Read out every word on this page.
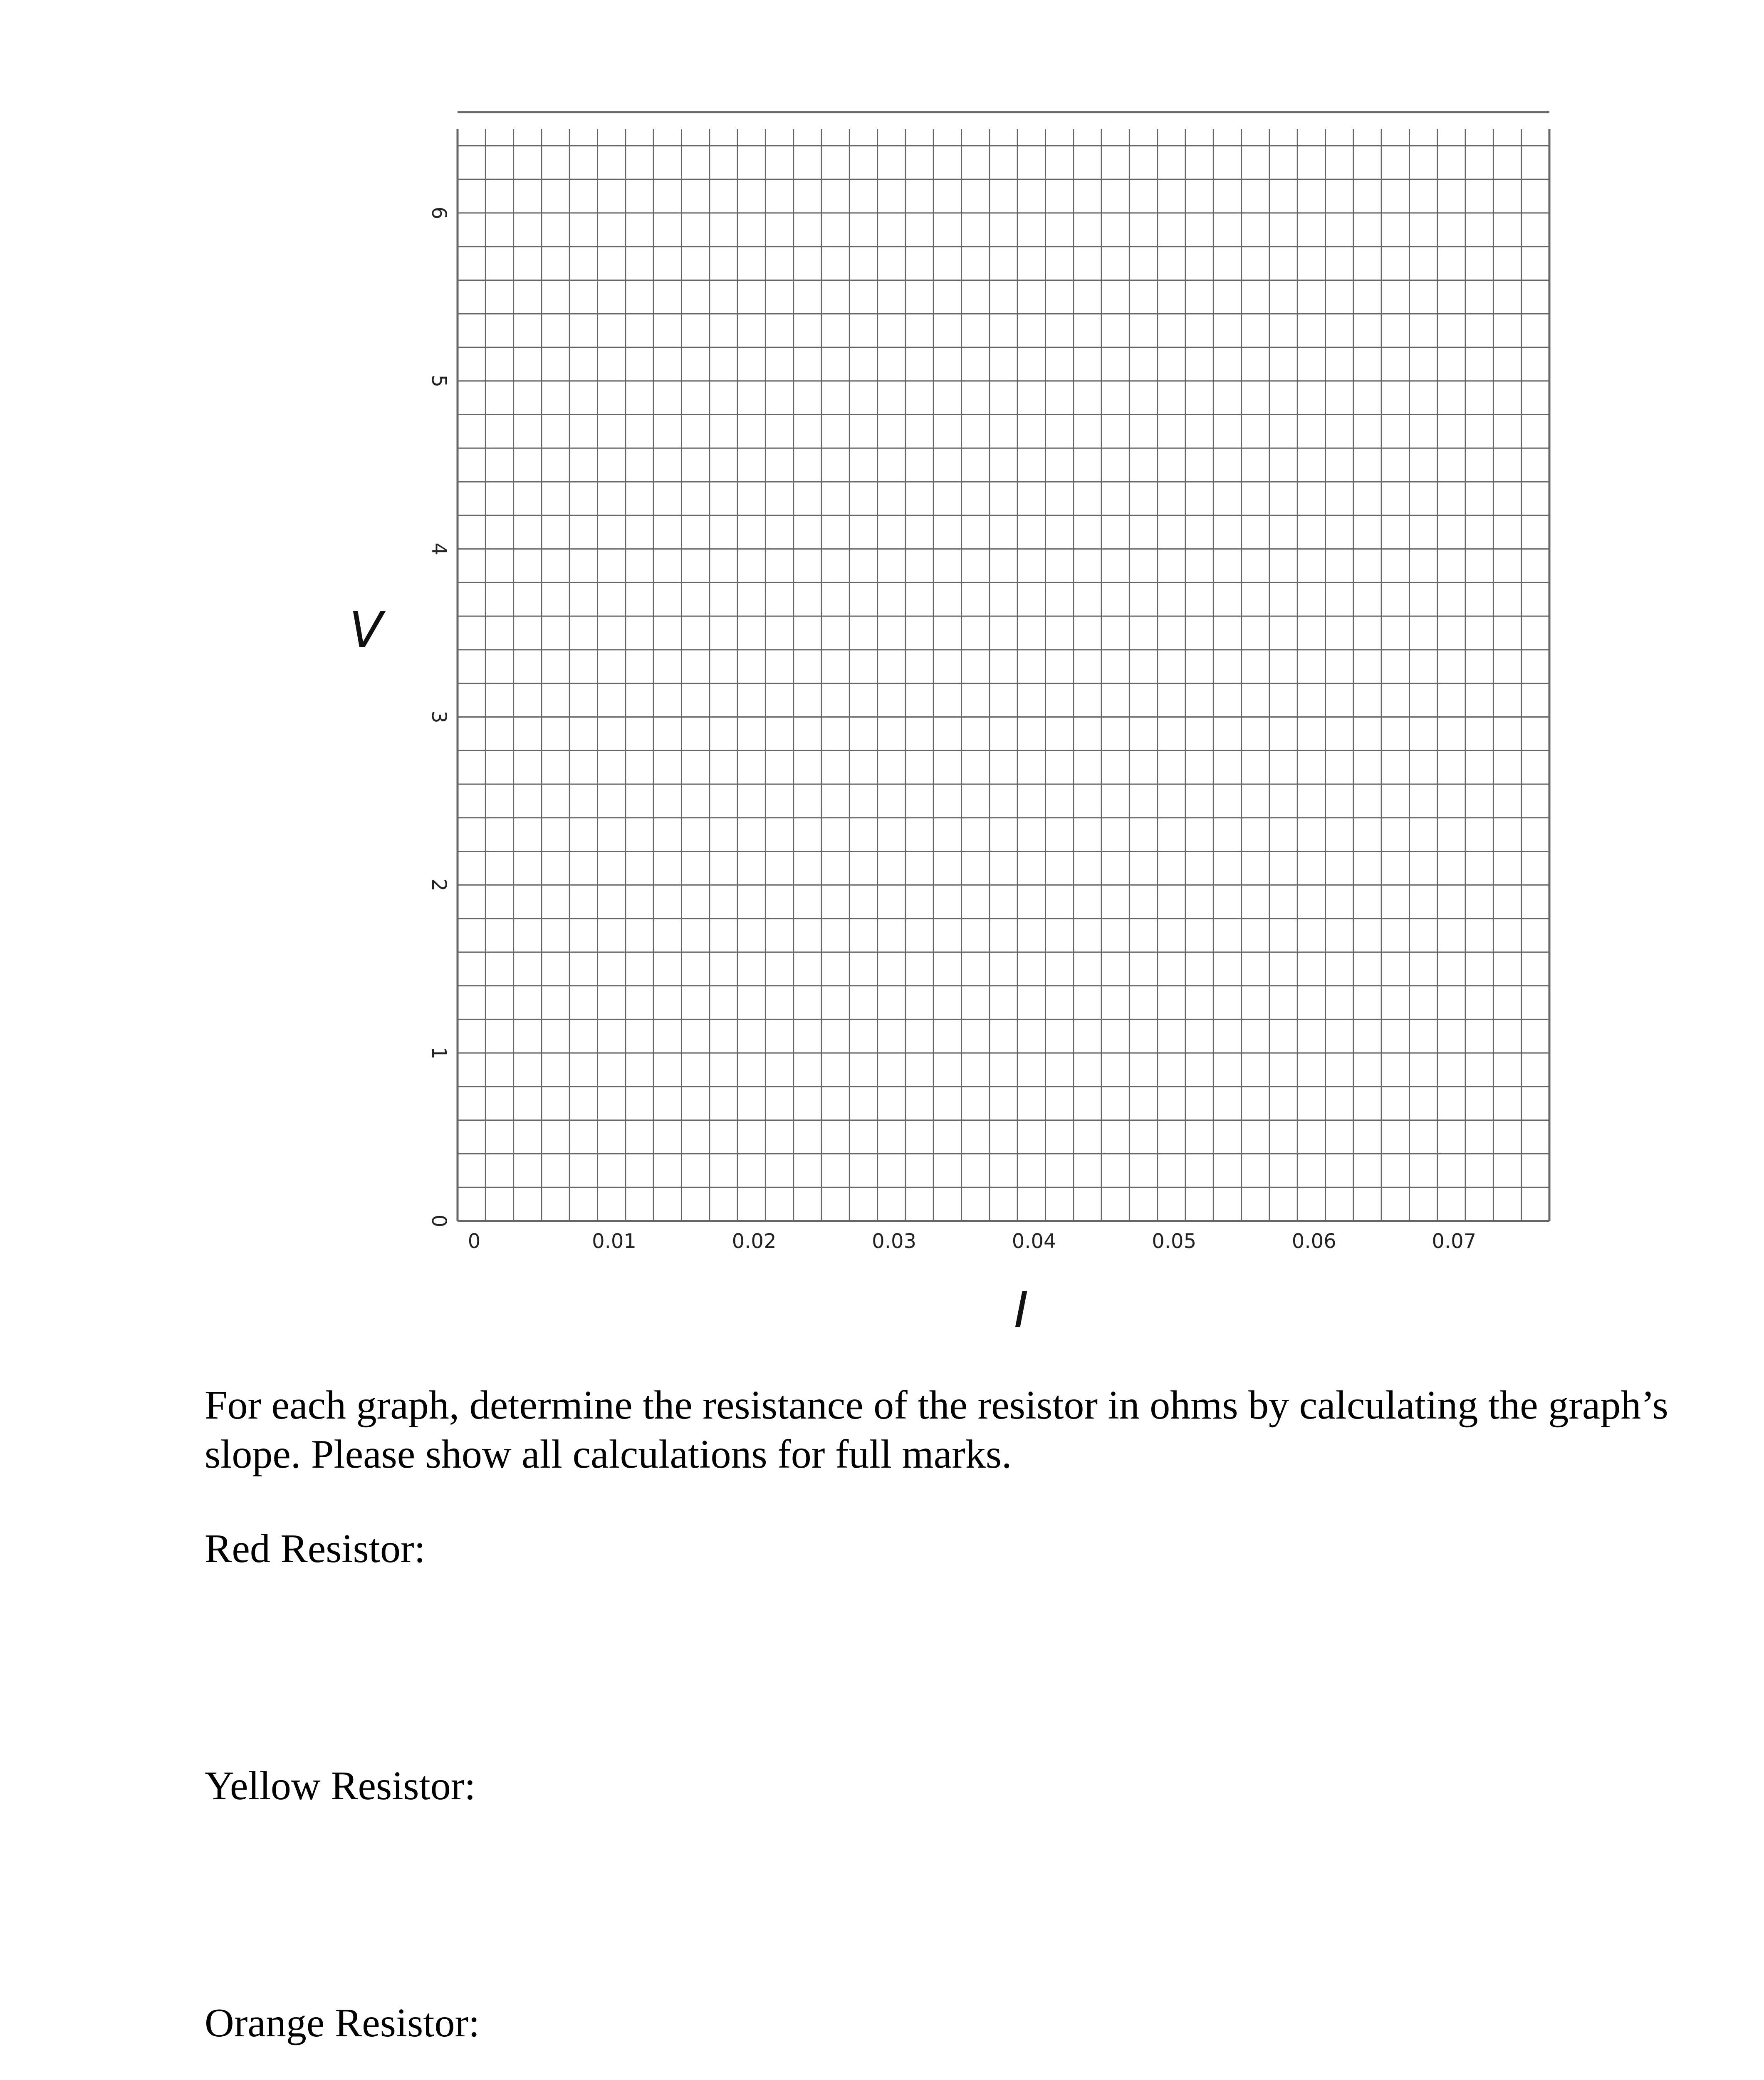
0
1
2
3
4
5
6
0	0.01	0.02	0.03	0.04	0.05	0.06	0.07
V
I

For each graph, determine the resistance of the resistor in ohms by calculating the graph’s slope. Please show all calculations for full marks.

Red Resistor:

Yellow Resistor:

Orange Resistor:
